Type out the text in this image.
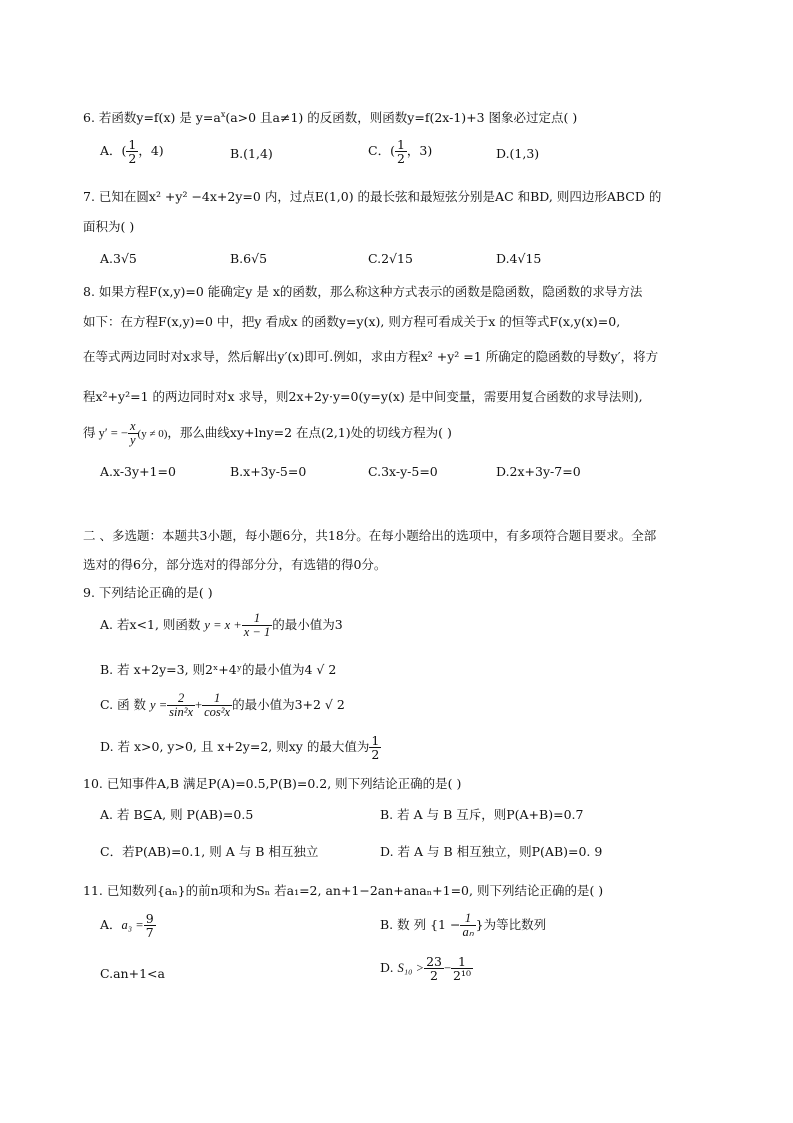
6. 若函数y=f(x) 是 $y=a^x(a>0$ 且a≠1) 的反函数，则函数y=f(2x-1)+3 图象必过定点( )
A．( $\frac{1}{2}$ ，4)	B.(1,4)	C．( $\frac{1}{2}$ ，3)	D.(1,3)
7. 已知在圆x² +y² −4x+2y=0 内，过点E(1,0) 的最长弦和最短弦分别是AC 和BD, 则四边形ABCD 的
面积为( )
A.3√5	B.6√5	C.2√15	D.4√15
8. 如果方程F(x,y)=0 能确定y 是 x的函数，那么称这种方式表示的函数是隐函数，隐函数的求导方法
如下：在方程F(x,y)=0 中，把y 看成x 的函数y=y(x), 则方程可看成关于x 的恒等式F(x,y(x)=0,
在等式两边同时对x求导，然后解出y′(x)即可.例如，求由方程x² +y² =1 所确定的隐函数的导数y′，将方
程x²+y²=1 的两边同时对x 求导，则2x+2y·y=0(y=y(x) 是中间变量，需要用复合函数的求导法则),
得 y′ = − $\frac{x}{y} (y \ne 0)$，那么曲线xy+lny=2 在点(2,1)处的切线方程为( )
A.x-3y+1=0	B.x+3y-5=0	C.3x-y-5=0	D.2x+3y-7=0
二 、多选题：本题共3小题，每小题6分，共18分。在每小题给出的选项中，有多项符合题目要求。全部
选对的得6分，部分选对的得部分分，有选错的得0分。
9. 下列结论正确的是( )
A. 若x<1, 则函数 $y = x + \frac{1}{x - 1}$ 的最小值为3
B. 若 x+2y=3, 则2ˣ+4ʸ的最小值为4 √ 2
C. 函 数 $y = \frac{2}{\text{sin²x}} + \frac{1}{\text{cos²x}}$ 的最小值为3+2 √ 2
D. 若 x>0, y>0, 且 x+2y=2, 则xy 的最大值为 $\frac{1}{2}$
10. 已知事件A,B 满足P(A)=0.5,P(B)=0.2, 则下列结论正确的是( )
A. 若 B⊆A, 则 P(AB)=0.5	B. 若 A 与 B 互斥，则P(A+B)=0.7
C．若P(AB)=0.1, 则 A 与 B 相互独立	D. 若 A 与 B 相互独立，则P(AB)=0. 9
11. 已知数列{aₙ}的前n项和为Sₙ 若a₁=2, an+1−2an+anaₙ+1=0, 则下列结论正确的是( )
A．$a_3 = \frac{9}{7}$	B. 数 列 {$1 - \frac{1}{\text{aₙ}}$ }为等比数列
C.an+1<a	D. $S_{10} > \frac{23}{2} - \frac{1}{\text{2¹⁰}}$
